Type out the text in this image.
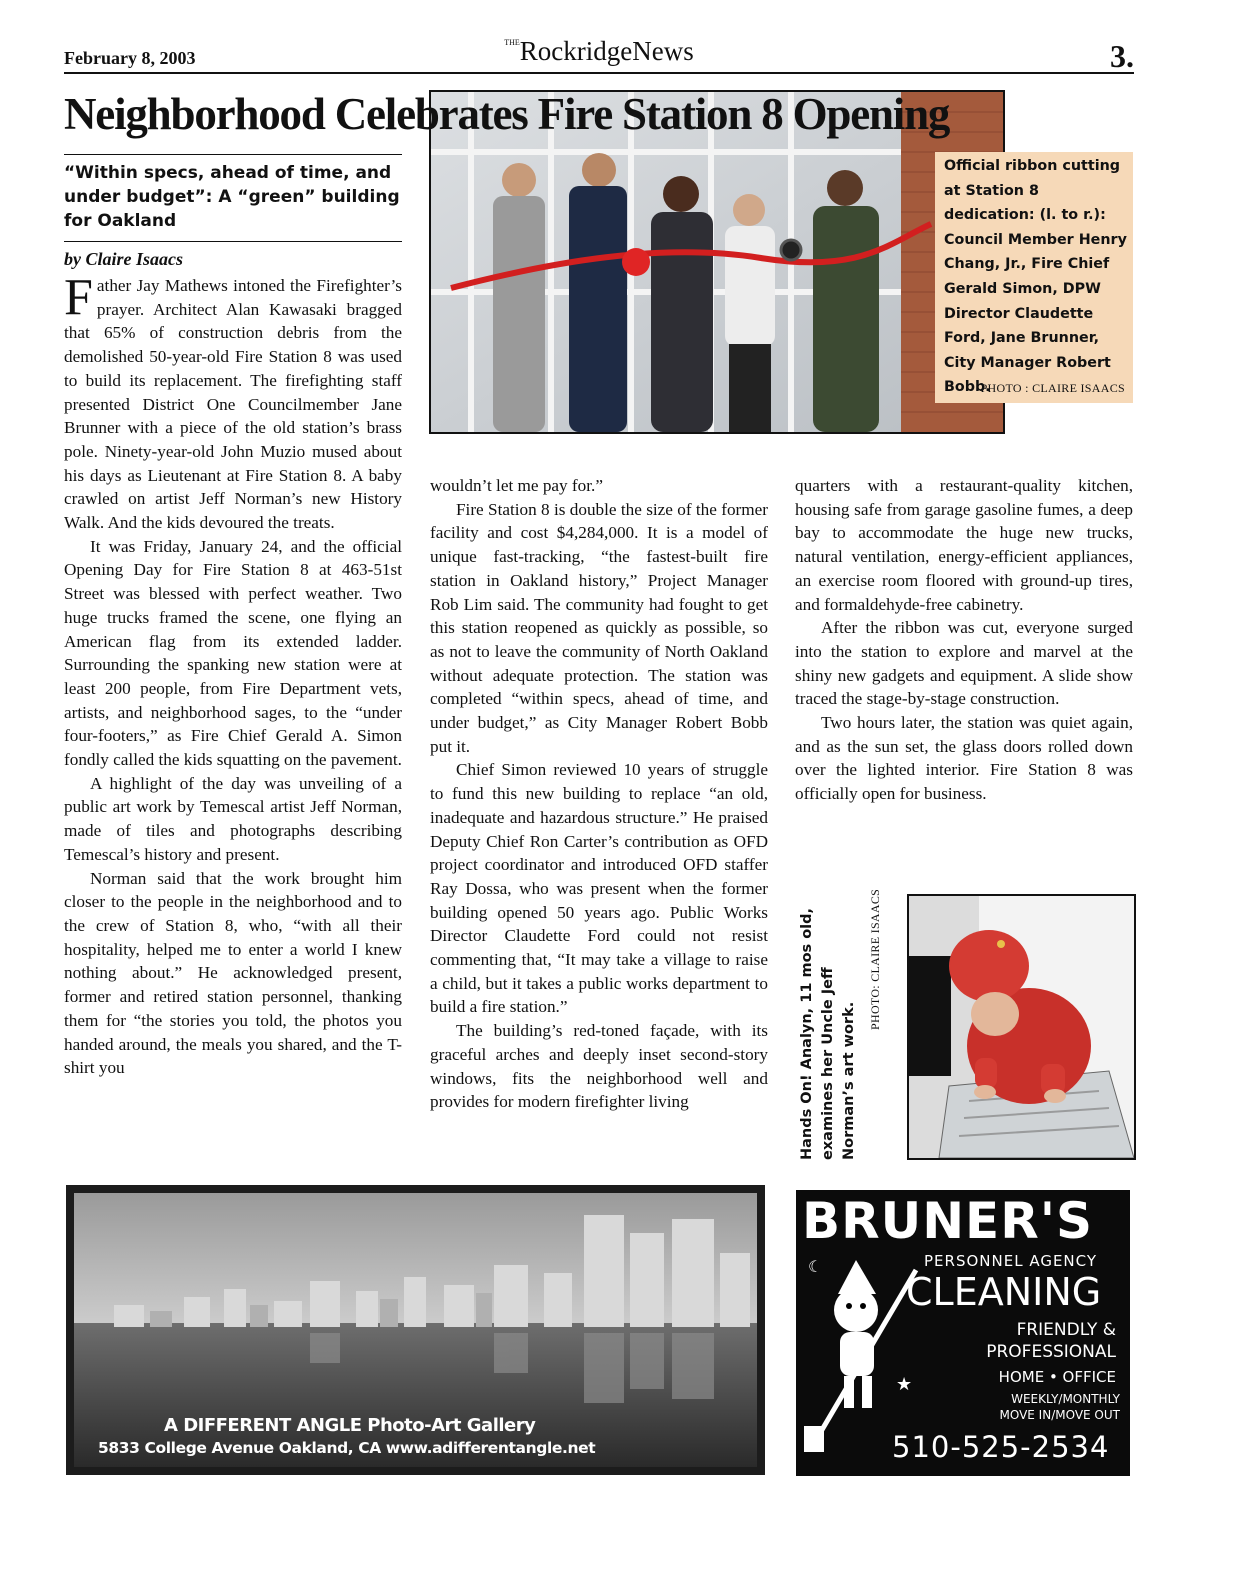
February 8, 2003
$^{THE}$RockridgeNews	3.
Neighborhood Celebrates Fire Station 8 Opening
Official ribbon cutting at Station 8 dedication: (l. to r.): Council Member Henry Chang, Jr., Fire Chief Gerald Simon, DPW Director Claudette Ford, Jane Brunner, City Manager Robert Bobb.
PHOTO : CLAIRE ISAACS
“Within specs, ahead of time, and under budget”: A “green” building for Oakland
by Claire Isaacs

Father Jay Mathews intoned the Firefighter’s prayer. Architect Alan Kawasaki bragged that 65% of construction debris from the demolished 50-year-old Fire Station 8 was used to build its replacement. The firefighting staff presented District One Councilmember Jane Brunner with a piece of the old station’s brass pole. Ninety-year-old John Muzio mused about his days as Lieutenant at Fire Station 8. A baby crawled on artist Jeff Norman’s new History Walk. And the kids devoured the treats.

It was Friday, January 24, and the official Opening Day for Fire Station 8 at 463-51st Street was blessed with perfect weather. Two huge trucks framed the scene, one flying an American flag from its extended ladder. Surrounding the spanking new station were at least 200 people, from Fire Department vets, artists, and neighborhood sages, to the “under four-footers,” as Fire Chief Gerald A. Simon fondly called the kids squatting on the pavement.

A highlight of the day was unveiling of a public art work by Temescal artist Jeff Norman, made of tiles and photographs describing Temescal’s history and present.

Norman said that the work brought him closer to the people in the neighborhood and to the crew of Station 8, who, “with all their hospitality, helped me to enter a world I knew nothing about.” He acknowledged present, former and retired station personnel, thanking them for “the stories you told, the photos you handed around, the meals you shared, and the T-shirt you

wouldn’t let me pay for.”

Fire Station 8 is double the size of the former facility and cost $4,284,000. It is a model of unique fast-tracking, “the fastest-built fire station in Oakland history,” Project Manager Rob Lim said. The community had fought to get this station reopened as quickly as possible, so as not to leave the community of North Oakland without adequate protection. The station was completed “within specs, ahead of time, and under budget,” as City Manager Robert Bobb put it.

Chief Simon reviewed 10 years of struggle to fund this new building to replace “an old, inadequate and hazardous structure.” He praised Deputy Chief Ron Carter’s contribution as OFD project coordinator and introduced OFD staffer Ray Dossa, who was present when the former building opened 50 years ago. Public Works Director Claudette Ford could not resist commenting that, “It may take a village to raise a child, but it takes a public works department to build a fire station.”

The building’s red-toned façade, with its graceful arches and deeply inset second-story windows, fits the neighborhood well and provides for modern firefighter living

quarters with a restaurant-quality kitchen, housing safe from garage gasoline fumes, a deep bay to accommodate the huge new trucks, natural ventilation, energy-efficient appliances, an exercise room floored with ground-up tires, and formaldehyde-free cabinetry.

After the ribbon was cut, everyone surged into the station to explore and marvel at the shiny new gadgets and equipment. A slide show traced the stage-by-stage construction.

Two hours later, the station was quiet again, and as the sun set, the glass doors rolled down over the lighted interior. Fire Station 8 was officially open for business.

Hands On! Analyn, 11 mos old, examines her Uncle Jeff Norman’s art work.
PHOTO: CLAIRE ISAACS
A DIFFERENT ANGLE Photo-Art Gallery
5833 College Avenue Oakland, CA www.adifferentangle.net
★
☾
BRUNER'S
PERSONNEL AGENCY
CLEANING
FRIENDLY &
PROFESSIONAL
HOME • OFFICE
WEEKLY/MONTHLY
MOVE IN/MOVE OUT
510-525-2534
